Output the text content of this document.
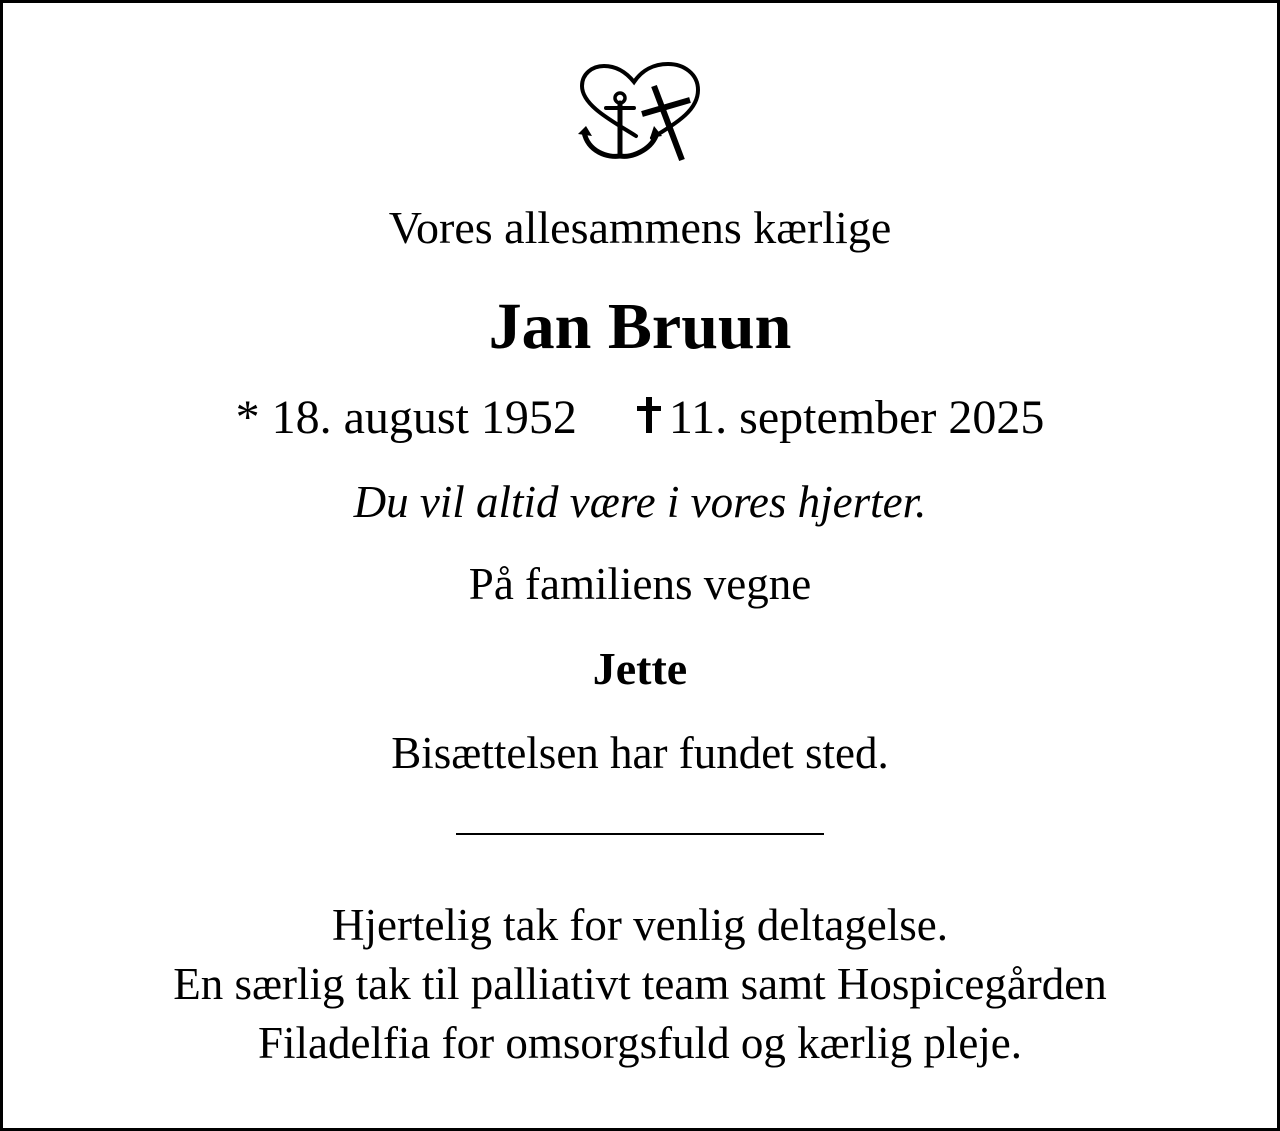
Vores allesammens kærlige
Jan Bruun
* 18. august 1952 11. september 2025
Du vil altid være i vores hjerter.
På familiens vegne
Jette
Bisættelsen har fundet sted.
Hjertelig tak for venlig deltagelse.
En særlig tak til palliativt team samt Hospicegården
Filadelfia for omsorgsfuld og kærlig pleje.
